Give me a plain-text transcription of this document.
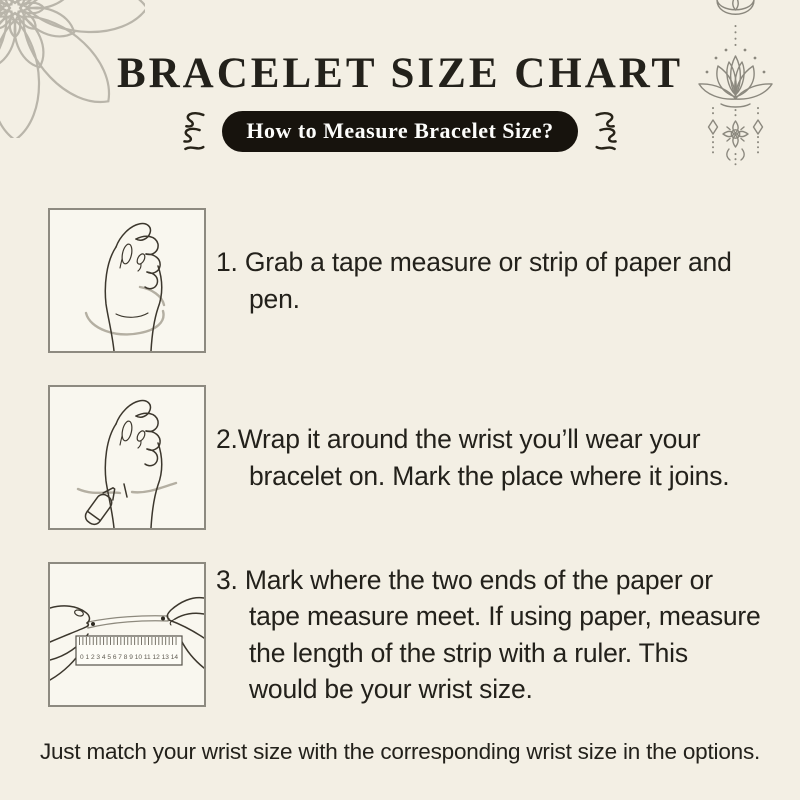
BRACELET SIZE CHART
How to Measure Bracelet Size?

1. Grab a tape measure or strip of paper and pen.

2.Wrap it around the wrist you’ll wear your bracelet on. Mark the place where it joins.

0 1 2 3 4 5 6 7 8 9 10 11 12 13 14

3. Mark where the two ends of the paper or tape measure meet. If using paper, measure the length of the strip with a ruler. This would be your wrist size.

Just match your wrist size with the corresponding wrist size in the options.
